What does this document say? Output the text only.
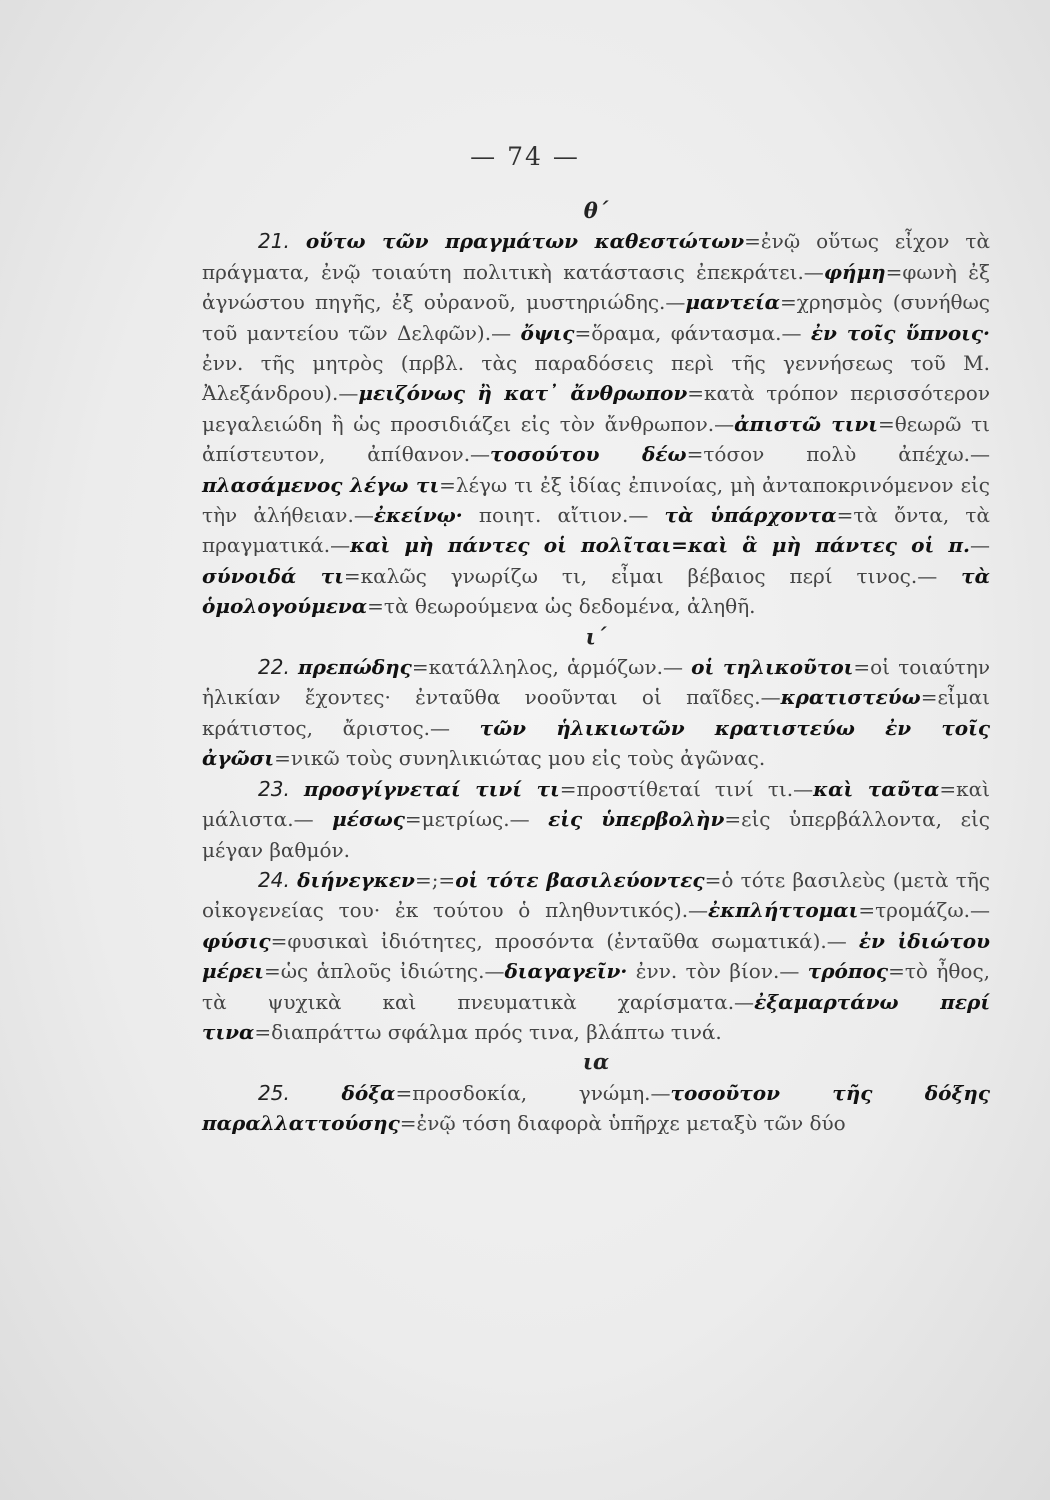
— 74 —

θ΄

21. οὕτω τῶν πραγμάτων καθεστώτων=ἐνῷ οὕτως εἶχον τὰ πράγματα, ἐνῷ τοιαύτη πολιτικὴ κατάστασις ἐπεκράτει.—φήμη=φωνὴ ἐξ ἀγνώστου πηγῆς, ἐξ οὐρανοῦ, μυστηριώδης.—μαντεία=χρησμὸς (συνήθως τοῦ μαντείου τῶν Δελφῶν).— ὄψις=ὅραμα, φάντασμα.— ἐν τοῖς ὕπνοις· ἐνν. τῆς μητρὸς (πρβλ. τὰς παραδόσεις περὶ τῆς γεννήσεως τοῦ Μ. Ἀλεξάνδρου).—μειζόνως ἢ κατ᾽ ἄνθρωπον=κατὰ τρόπον περισσότερον μεγαλειώδη ἢ ὡς προσιδιάζει εἰς τὸν ἄνθρωπον.—ἀπιστῶ τινι=θεωρῶ τι ἀπίστευτον, ἀπίθανον.—τοσούτου δέω=τόσον πολὺ ἀπέχω.— πλασάμενος λέγω τι=λέγω τι ἐξ ἰδίας ἐπινοίας, μὴ ἀνταποκρινόμενον εἰς τὴν ἀλήθειαν.—ἐκείνῳ· ποιητ. αἴτιον.— τὰ ὑπάρχοντα=τὰ ὄντα, τὰ πραγματικά.—καὶ μὴ πάντες οἱ πολῖται=καὶ ἃ μὴ πάντες οἱ π.— σύνοιδά τι=καλῶς γνωρίζω τι, εἶμαι βέβαιος περί τινος.— τὰ ὁμολογούμενα=τὰ θεωρούμενα ὡς δεδομένα, ἀληθῆ.

ι΄

22. πρεπώδης=κατάλληλος, ἁρμόζων.— οἱ τηλικοῦτοι=οἱ τοιαύτην ἡλικίαν ἔχοντες· ἐνταῦθα νοοῦνται οἱ παῖδες.—κρατιστεύω=εἶμαι κράτιστος, ἄριστος.— τῶν ἡλικιωτῶν κρατιστεύω ἐν τοῖς ἀγῶσι=νικῶ τοὺς συνηλικιώτας μου εἰς τοὺς ἀγῶνας.

23. προσγίγνεταί τινί τι=προστίθεταί τινί τι.—καὶ ταῦτα=καὶ μάλιστα.— μέσως=μετρίως.— εἰς ὑπερβολὴν=εἰς ὑπερβάλλοντα, εἰς μέγαν βαθμόν.

24. διήνεγκεν=;=οἱ τότε βασιλεύοντες=ὁ τότε βασιλεὺς (μετὰ τῆς οἰκογενείας του· ἐκ τούτου ὁ πληθυντικός).—ἐκπλήττομαι=τρομάζω.— φύσις=φυσικαὶ ἰδιότητες, προσόντα (ἐνταῦθα σωματικά).— ἐν ἰδιώτου μέρει=ὡς ἁπλοῦς ἰδιώτης.—διαγαγεῖν· ἐνν. τὸν βίον.— τρόπος=τὸ ἦθος, τὰ ψυχικὰ καὶ πνευματικὰ χαρίσματα.—ἐξαμαρτάνω περί τινα=διαπράττω σφάλμα πρός τινα, βλάπτω τινά.

ια

25.	δόξα=προσδοκία, γνώμη.—τοσοῦτον τῆς δόξης παραλλαττούσης=ἐνῷ τόση διαφορὰ ὑπῆρχε μεταξὺ τῶν δύο
